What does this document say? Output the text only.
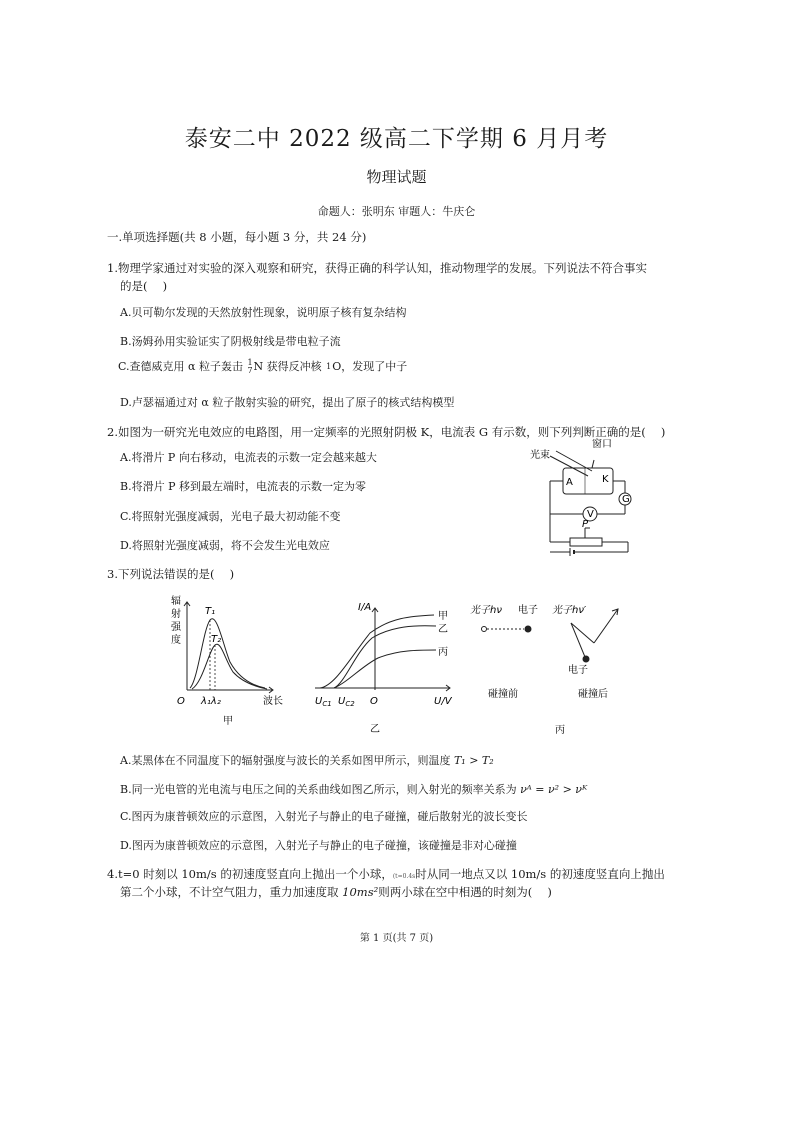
泰安二中 2022 级高二下学期 6 月月考
物理试题
命题人：张明东 审题人：牛庆仑
一.单项选择题(共 8 小题，每小题 3 分，共 24 分)
1.物理学家通过对实验的深入观察和研究，获得正确的科学认知，推动物理学的发展。下列说法不符合事实
的是(　 )
A.贝可勒尔发现的天然放射性现象，说明原子核有复杂结构
B.汤姆孙用实验证实了阴极射线是带电粒子流
C.查德威克用 α 粒子轰击 1
7N 获得反冲核 1
O，发现了中子
D.卢瑟福通过对 α 粒子散射实验的研究，提出了原子的核式结构模型
2.如图为一研究光电效应的电路图，用一定频率的光照射阴极 K，电流表 G 有示数，则下列判断正确的是(　 )
A.将滑片 P 向右移动，电流表的示数一定会越来越大
B.将滑片 P 移到最左端时，电流表的示数一定为零
C.将照射光强度减弱，光电子最大初动能不变
D.将照射光强度减弱，将不会发生光电效应
光束
窗口
A	K
G
V
P
3.下列说法错误的是(　 )
辐
射
强
度
T₁
T₂
O λ₁λ₂	波长
甲
I/A
甲
乙
丙
$U_{C1}$ $U_{C2}$ O	U/V
乙
光子hν 电子 光子hν′
电子
碰撞前	碰撞后
丙
A.某黑体在不同温度下的辐射强度与波长的关系如图甲所示，则温度 T₁ > T₂
B.同一光电管的光电流与电压之间的关系曲线如图乙所示，则入射光的频率关系为 νᴬ = ν² > νᴷ
C.图丙为康普顿效应的示意图，入射光子与静止的电子碰撞，碰后散射光的波长变长
D.图丙为康普顿效应的示意图，入射光子与静止的电子碰撞，该碰撞是非对心碰撞
4.t=0 时刻以 10m/s 的初速度竖直向上抛出一个小球，(t=0.4s时从同一地点又以 10m/s 的初速度竖直向上抛出
第二个小球，不计空气阻力，重力加速度取 10ms²则两小球在空中相遇的时刻为(　 )
第 1 页(共 7 页)
